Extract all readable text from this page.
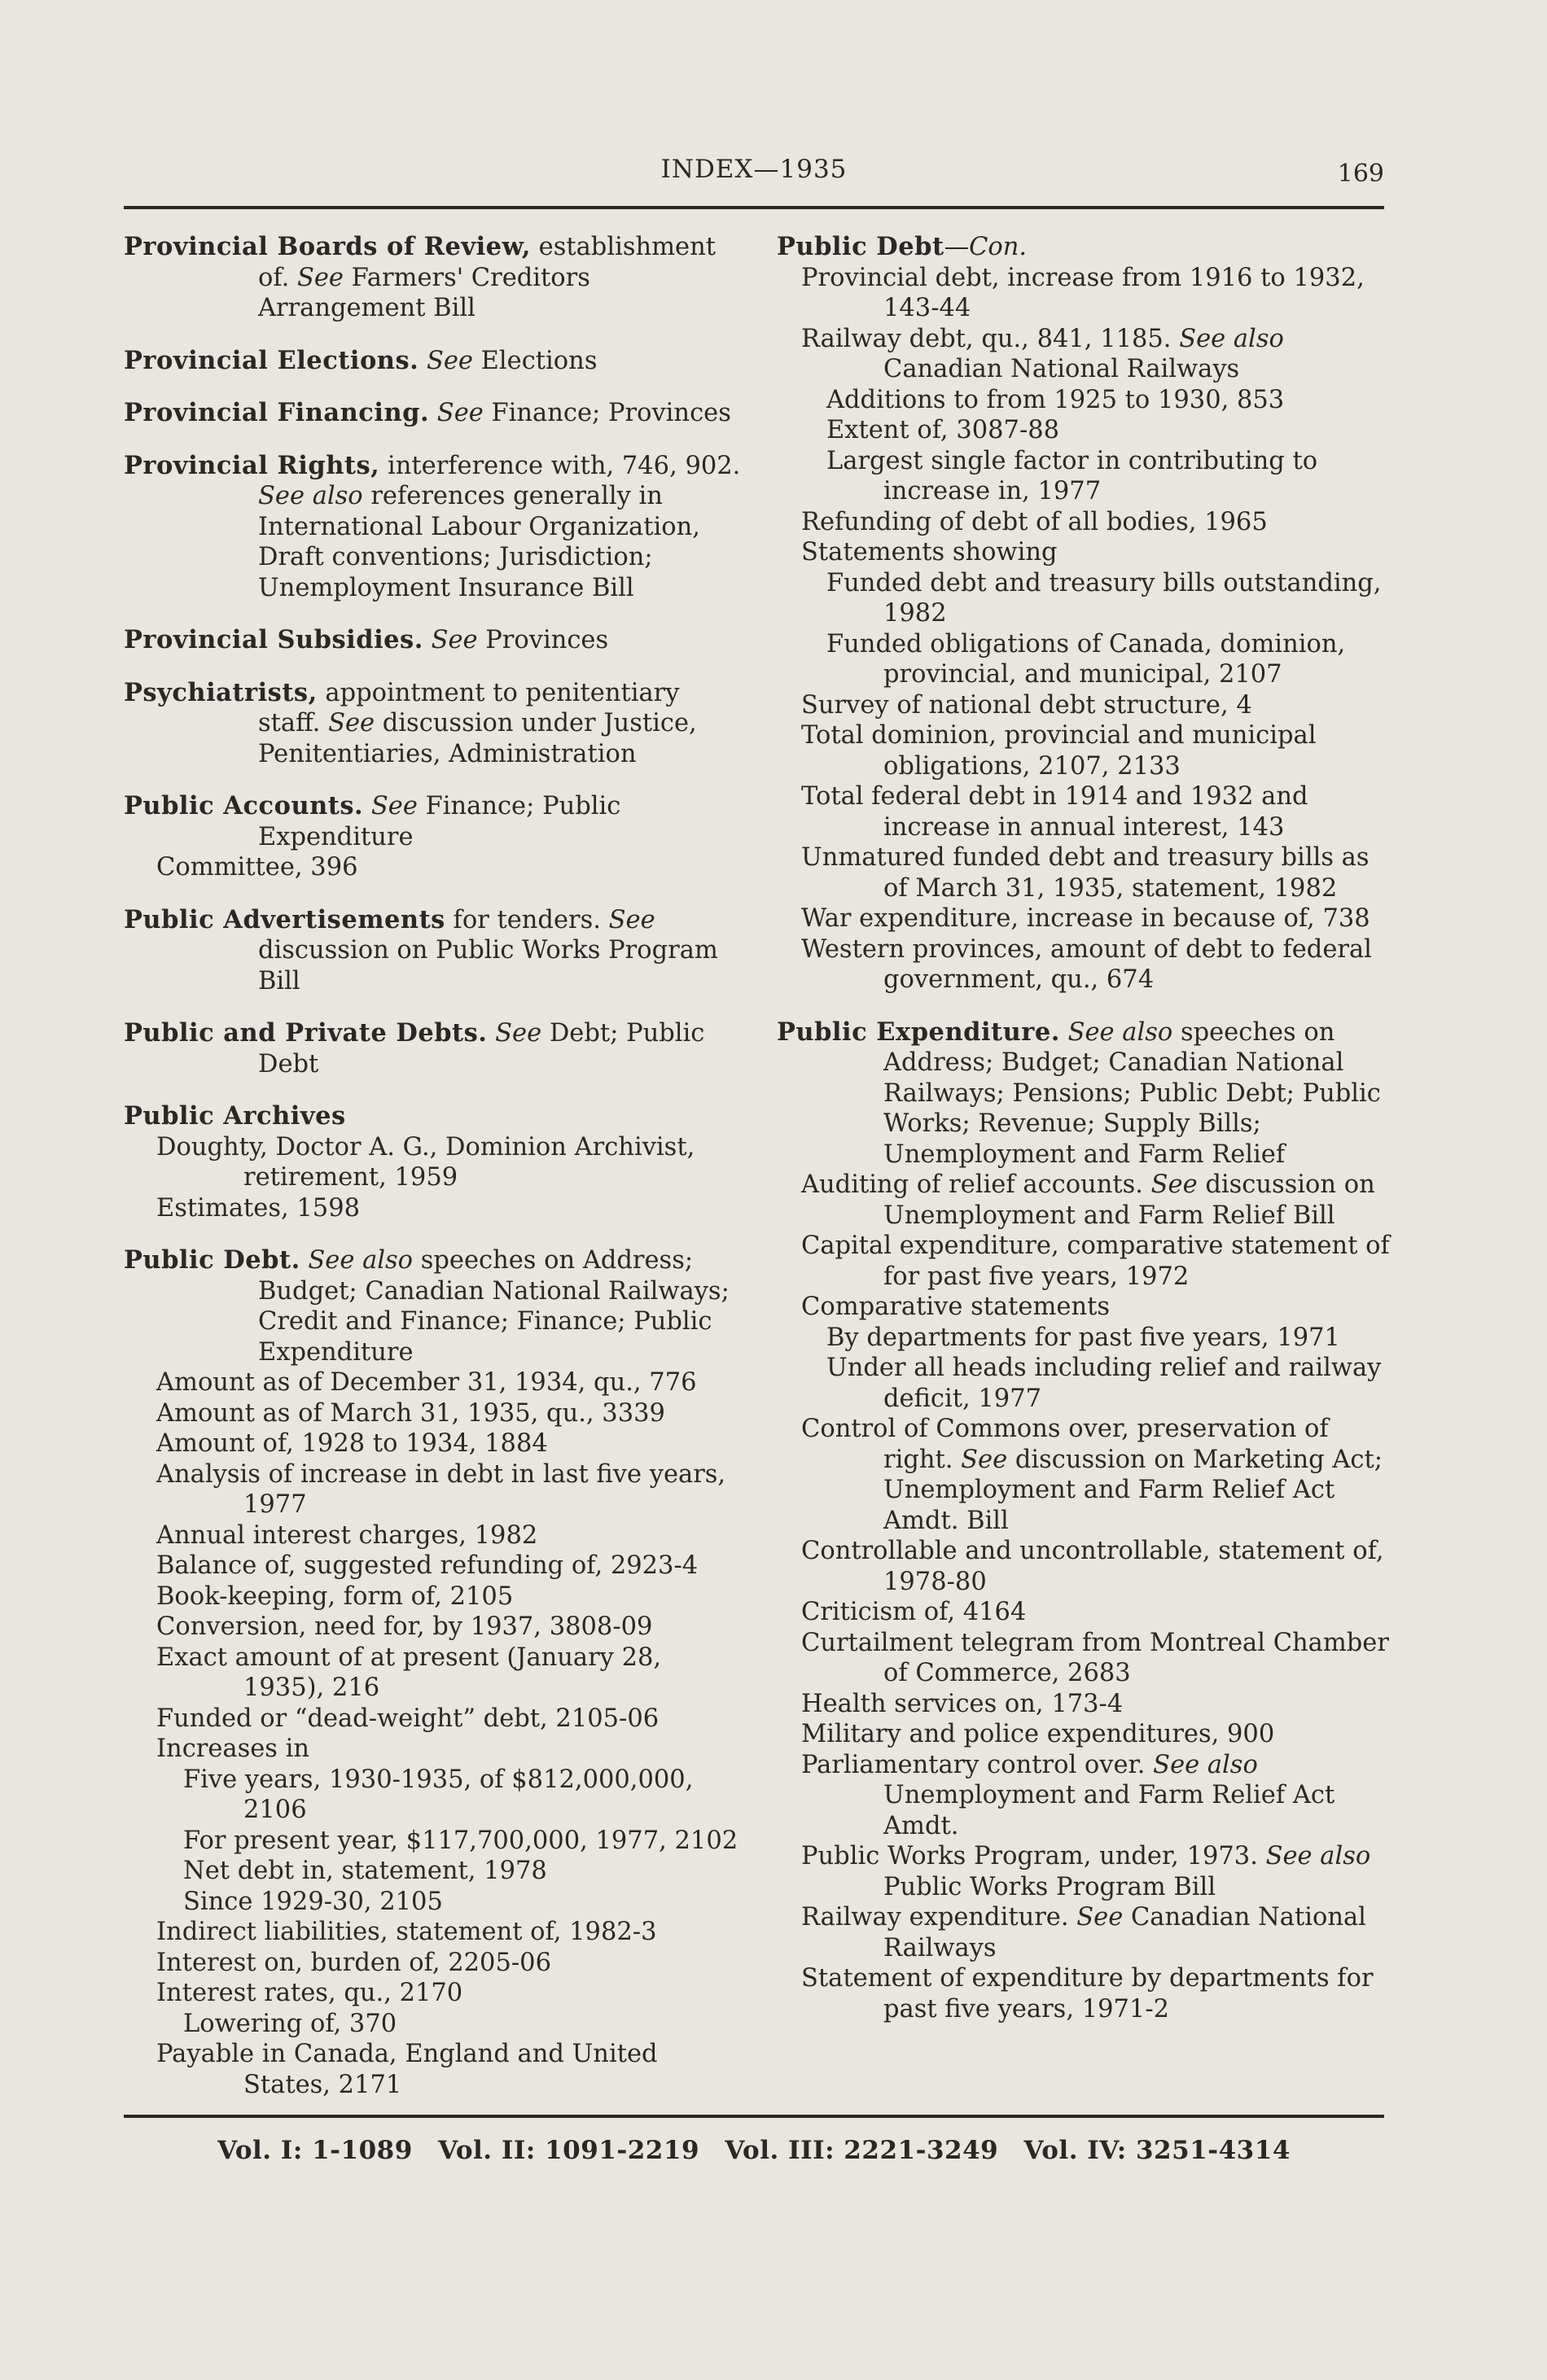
INDEX—1935	169

Provincial Boards of Review, establishment of. See Farmers' Creditors Arrangement Bill

Provincial Elections. See Elections

Provincial Financing. See Finance; Provinces

Provincial Rights, interference with, 746, 902. See also references generally in International Labour Organization, Draft conventions; Jurisdiction; Unemployment Insurance Bill

Provincial Subsidies. See Provinces

Psychiatrists, appointment to penitentiary staff. See discussion under Justice, Penitentiaries, Administration

Public Accounts. See Finance; Public Expenditure

Committee, 396

Public Advertisements for tenders. See discussion on Public Works Program Bill

Public and Private Debts. See Debt; Public Debt

Public Archives

Doughty, Doctor A. G., Dominion Archivist, retirement, 1959

Estimates, 1598

Public Debt. See also speeches on Address; Budget; Canadian National Railways; Credit and Finance; Finance; Public Expenditure

Amount as of December 31, 1934, qu., 776

Amount as of March 31, 1935, qu., 3339

Amount of, 1928 to 1934, 1884

Analysis of increase in debt in last five years, 1977

Annual interest charges, 1982

Balance of, suggested refunding of, 2923-4

Book-keeping, form of, 2105

Conversion, need for, by 1937, 3808-09

Exact amount of at present (January 28, 1935), 216

Funded or “dead-weight” debt, 2105-06

Increases in

Five years, 1930-1935, of $812,000,000, 2106

For present year, $117,700,000, 1977, 2102

Net debt in, statement, 1978

Since 1929-30, 2105

Indirect liabilities, statement of, 1982-3

Interest on, burden of, 2205-06

Interest rates, qu., 2170

Lowering of, 370

Payable in Canada, England and United States, 2171

Public Debt—Con.

Provincial debt, increase from 1916 to 1932, 143-44

Railway debt, qu., 841, 1185. See also Canadian National Railways

Additions to from 1925 to 1930, 853

Extent of, 3087-88

Largest single factor in contributing to increase in, 1977

Refunding of debt of all bodies, 1965

Statements showing

Funded debt and treasury bills outstanding, 1982

Funded obligations of Canada, dominion, provincial, and municipal, 2107

Survey of national debt structure, 4

Total dominion, provincial and municipal obligations, 2107, 2133

Total federal debt in 1914 and 1932 and increase in annual interest, 143

Unmatured funded debt and treasury bills as of March 31, 1935, statement, 1982

War expenditure, increase in because of, 738

Western provinces, amount of debt to federal government, qu., 674

Public Expenditure. See also speeches on Address; Budget; Canadian National Railways; Pensions; Public Debt; Public Works; Revenue; Supply Bills; Unemployment and Farm Relief

Auditing of relief accounts. See discussion on Unemployment and Farm Relief Bill

Capital expenditure, comparative statement of for past five years, 1972

Comparative statements

By departments for past five years, 1971

Under all heads including relief and railway deficit, 1977

Control of Commons over, preservation of right. See discussion on Marketing Act; Unemployment and Farm Relief Act Amdt. Bill

Controllable and uncontrollable, statement of, 1978-80

Criticism of, 4164

Curtailment telegram from Montreal Chamber of Commerce, 2683

Health services on, 173-4

Military and police expenditures, 900

Parliamentary control over. See also Unemployment and Farm Relief Act Amdt.

Public Works Program, under, 1973. See also Public Works Program Bill

Railway expenditure. See Canadian National Railways

Statement of expenditure by departments for past five years, 1971-2

Vol. I: 1-1089 Vol. II: 1091-2219 Vol. III: 2221-3249 Vol. IV: 3251-4314
